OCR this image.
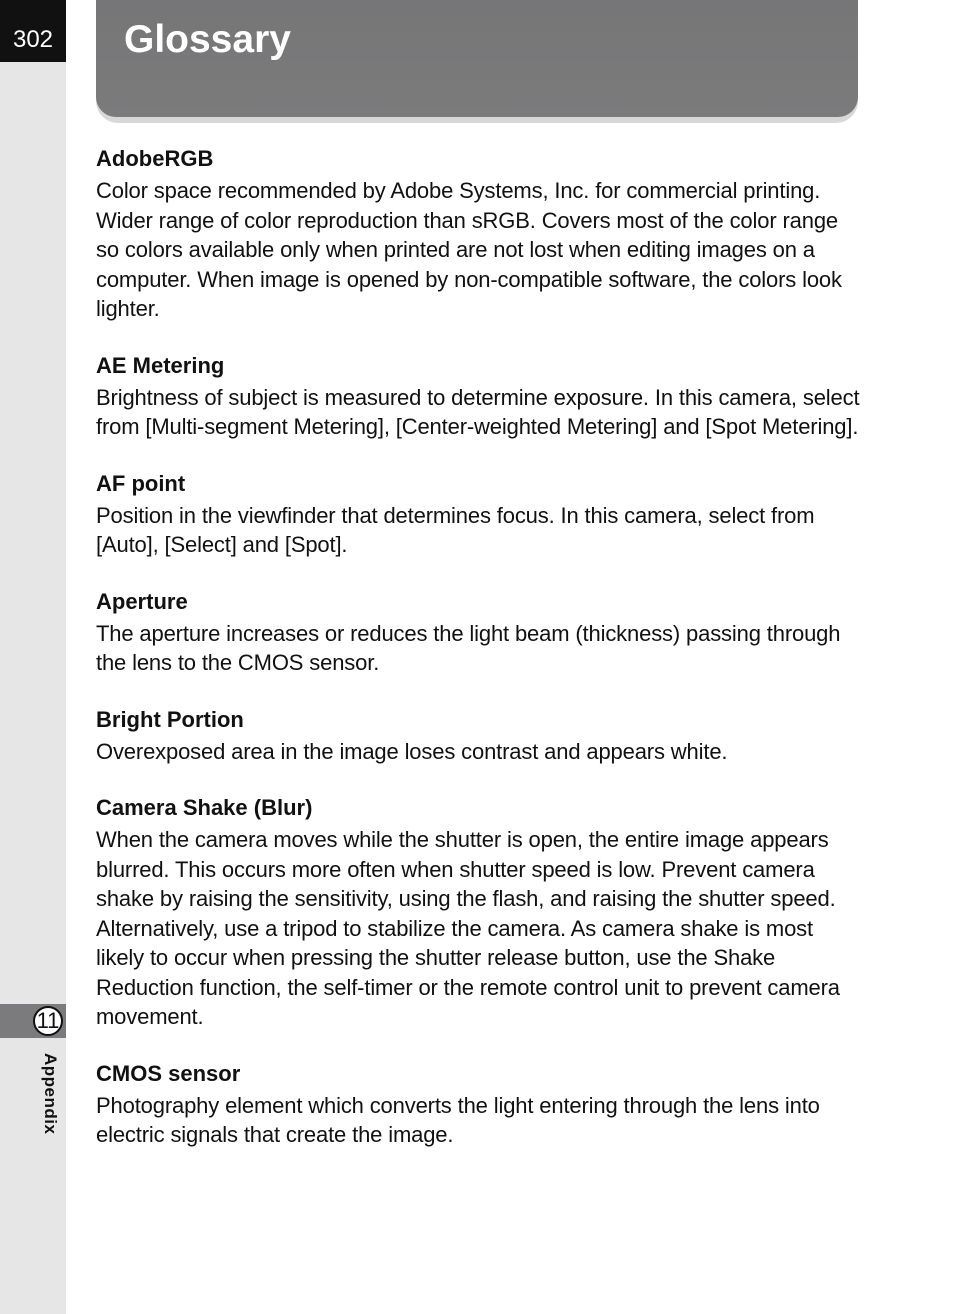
302
11
Appendix
Glossary
AdobeRGB

Color space recommended by Adobe Systems, Inc. for commercial printing. Wider range of color reproduction than sRGB. Covers most of the color range so colors available only when printed are not lost when editing images on a computer. When image is opened by non-compatible software, the colors look lighter.

AE Metering

Brightness of subject is measured to determine exposure. In this camera, select from [Multi-segment Metering], [Center-weighted Metering] and [Spot Metering].

AF point

Position in the viewfinder that determines focus. In this camera, select from [Auto], [Select] and [Spot].

Aperture

The aperture increases or reduces the light beam (thickness) passing through the lens to the CMOS sensor.

Bright Portion

Overexposed area in the image loses contrast and appears white.

Camera Shake (Blur)

When the camera moves while the shutter is open, the entire image appears blurred. This occurs more often when shutter speed is low. Prevent camera shake by raising the sensitivity, using the flash, and raising the shutter speed. Alternatively, use a tripod to stabilize the camera. As camera shake is most likely to occur when pressing the shutter release button, use the Shake Reduction function, the self-timer or the remote control unit to prevent camera movement.

CMOS sensor

Photography element which converts the light entering through the lens into electric signals that create the image.
